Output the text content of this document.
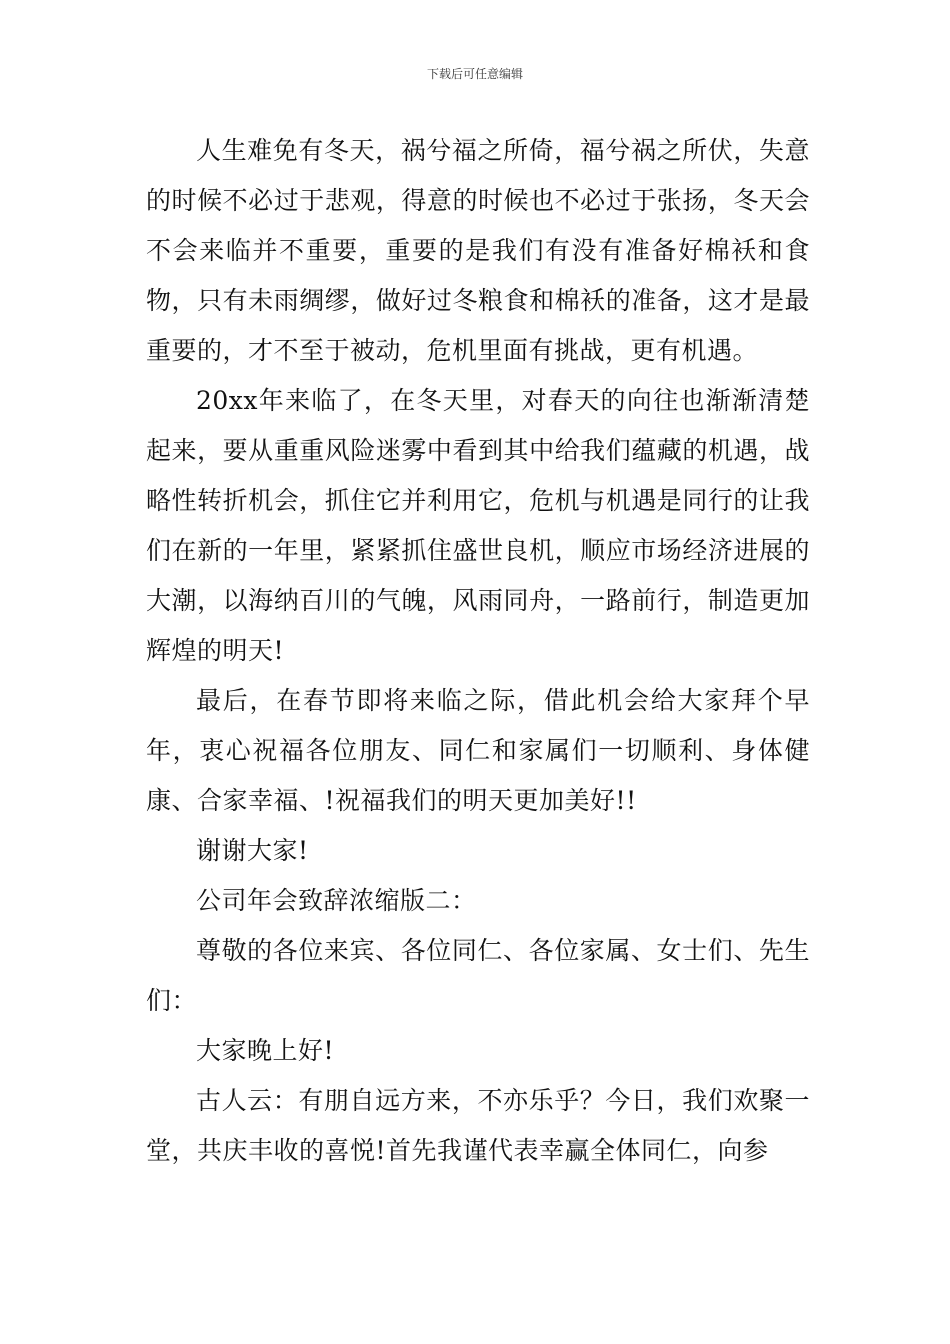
下载后可任意编辑

人生难免有冬天，祸兮福之所倚，福兮祸之所伏，失意的时候不必过于悲观，得意的时候也不必过于张扬，冬天会不会来临并不重要，重要的是我们有没有准备好棉袄和食物，只有未雨绸缪，做好过冬粮食和棉袄的准备，这才是最重要的，才不至于被动，危机里面有挑战，更有机遇。

20xx年来临了，在冬天里，对春天的向往也渐渐清楚起来，要从重重风险迷雾中看到其中给我们蕴藏的机遇，战略性转折机会，抓住它并利用它，危机与机遇是同行的让我们在新的一年里，紧紧抓住盛世良机，顺应市场经济进展的大潮，以海纳百川的气魄，风雨同舟，一路前行，制造更加辉煌的明天!

最后，在春节即将来临之际，借此机会给大家拜个早年，衷心祝福各位朋友、同仁和家属们一切顺利、身体健康、合家幸福、!祝福我们的明天更加美好!!

谢谢大家!

公司年会致辞浓缩版二：

尊敬的各位来宾、各位同仁、各位家属、女士们、先生们：

大家晚上好!

古人云：有朋自远方来，不亦乐乎？今日，我们欢聚一堂，共庆丰收的喜悦!首先我谨代表幸赢全体同仁，向参
